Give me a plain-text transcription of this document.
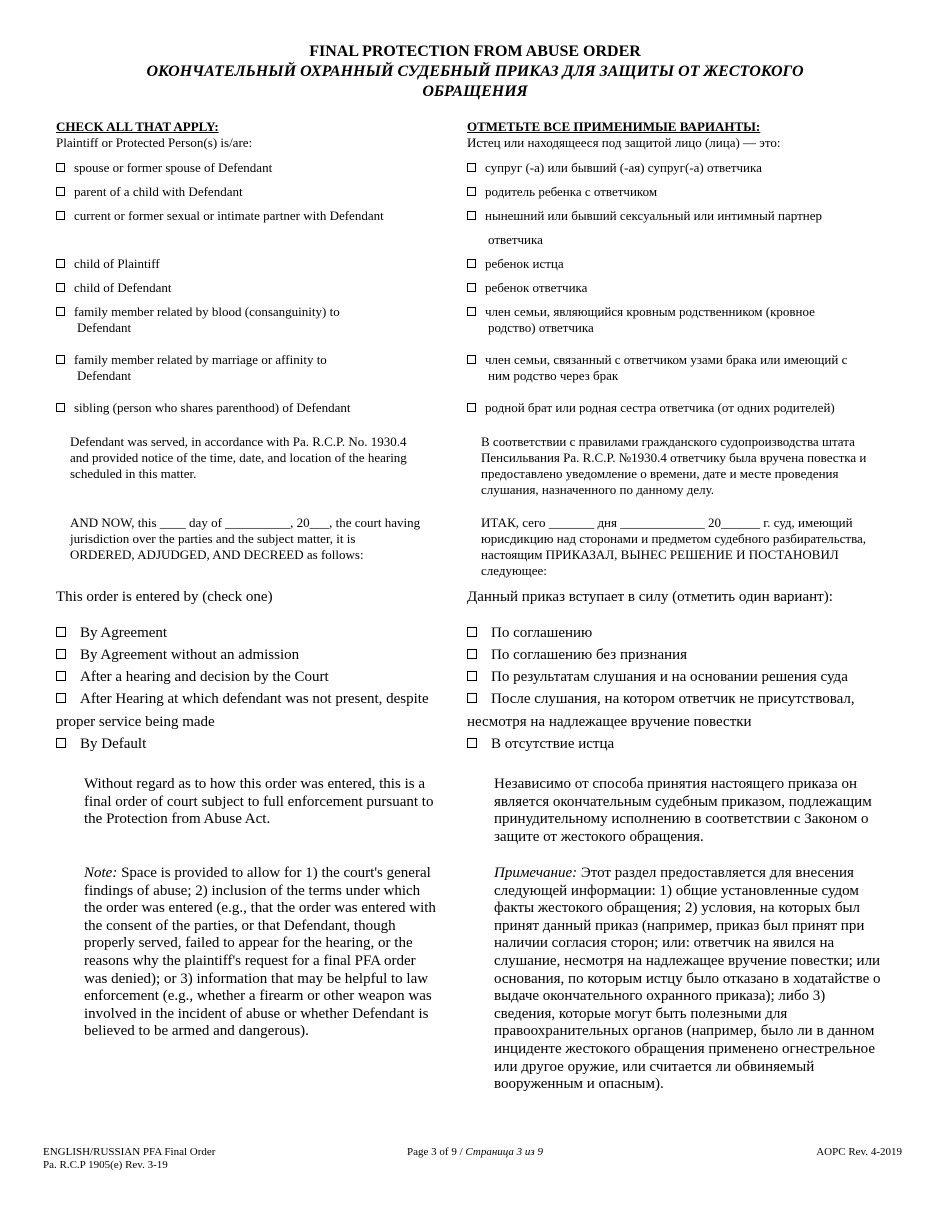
FINAL PROTECTION FROM ABUSE ORDER
ОКОНЧАТЕЛЬНЫЙ ОХРАННЫЙ СУДЕБНЫЙ ПРИКАЗ ДЛЯ ЗАЩИТЫ ОТ ЖЕСТОКОГО
ОБРАЩЕНИЯ
CHECK ALL THAT APPLY:
Plaintiff or Protected Person(s) is/are:
ОТМЕТЬТЕ ВСЕ ПРИМЕНИМЫЕ ВАРИАНТЫ:
Истец или находящееся под защитой лицо (лица) — это:
spouse or former spouse of Defendant
parent of a child with Defendant
current or former sexual or intimate partner with Defendant
child of Plaintiff
child of Defendant
family member related by blood (consanguinity) to
Defendant
family member related by marriage or affinity to
Defendant
sibling (person who shares parenthood) of Defendant
супруг (-а) или бывший (-ая) супруг(-а) ответчика
родитель ребенка с ответчиком
нынешний или бывший сексуальный или интимный партнер
ответчика
ребенок истца
ребенок ответчика
член семьи, являющийся кровным родственником (кровное
родство) ответчика
член семьи, связанный с ответчиком узами брака или имеющий с
ним родство через брак
родной брат или родная сестра ответчика (от одних родителей)
Defendant was served, in accordance with Pa. R.C.P. No. 1930.4
and provided notice of the time, date, and location of the hearing
scheduled in this matter.
В соответствии с правилами гражданского судопроизводства штата
Пенсильвания Pa. R.C.P. №1930.4 ответчику была вручена повестка и
предоставлено уведомление о времени, дате и месте проведения
слушания, назначенного по данному делу.
AND NOW, this ____ day of __________, 20___, the court having
jurisdiction over the parties and the subject matter, it is
ORDERED, ADJUDGED, AND DECREED as follows:
ИТАК, сего _______ дня _____________ 20______ г. суд, имеющий
юрисдикцию над сторонами и предметом судебного разбирательства,
настоящим ПРИКАЗАЛ, ВЫНЕС РЕШЕНИЕ И ПОСТАНОВИЛ
следующее:
This order is entered by (check one)	Данный приказ вступает в силу (отметить один вариант):
By Agreement
By Agreement without an admission
After a hearing and decision by the Court
After Hearing at which defendant was not present, despite
proper service being made
By Default
По соглашению
По соглашению без признания
По результатам слушания и на основании решения суда
После слушания, на котором ответчик не присутствовал,
несмотря на надлежащее вручение повестки
В отсутствие истца
Without regard as to how this order was entered, this is a
final order of court subject to full enforcement pursuant to
the Protection from Abuse Act.
Независимо от способа принятия настоящего приказа он
является окончательным судебным приказом, подлежащим
принудительному исполнению в соответствии с Законом о
защите от жестокого обращения.
Note: Space is provided to allow for 1) the court's general
findings of abuse; 2) inclusion of the terms under which
the order was entered (e.g., that the order was entered with
the consent of the parties, or that Defendant, though
properly served, failed to appear for the hearing, or the
reasons why the plaintiff's request for a final PFA order
was denied); or 3) information that may be helpful to law
enforcement (e.g., whether a firearm or other weapon was
involved in the incident of abuse or whether Defendant is
believed to be armed and dangerous).
Примечание: Этот раздел предоставляется для внесения
следующей информации: 1) общие установленные судом
факты жестокого обращения; 2) условия, на которых был
принят данный приказ (например, приказ был принят при
наличии согласия сторон; или: ответчик на явился на
слушание, несмотря на надлежащее вручение повестки; или
основания, по которым истцу было отказано в ходатайстве о
выдаче окончательного охранного приказа); либо 3)
сведения, которые могут быть полезными для
правоохранительных органов (например, было ли в данном
инциденте жестокого обращения применено огнестрельное
или другое оружие, или считается ли обвиняемый
вооруженным и опасным).
ENGLISH/RUSSIAN PFA Final Order
Pa. R.C.P 1905(e) Rev. 3-19
Page 3 of 9 / Страница 3 из 9	AOPC Rev. 4-2019
